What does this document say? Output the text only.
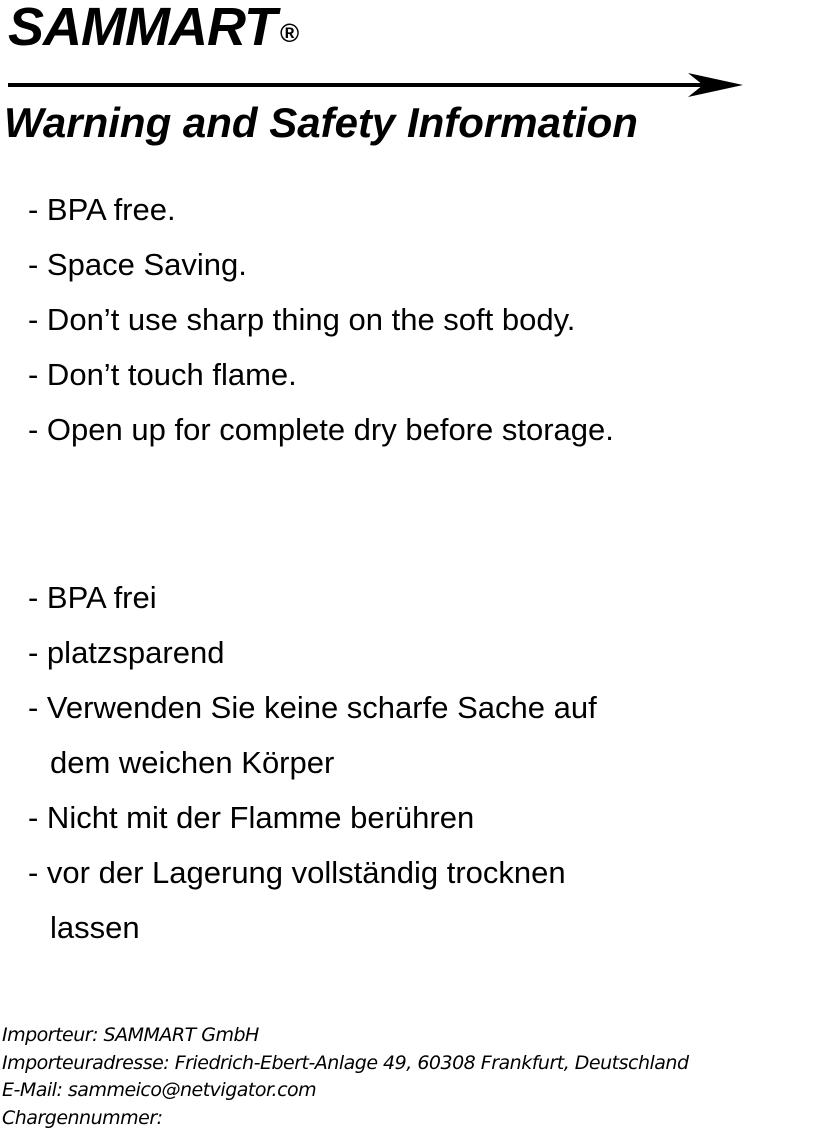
SAMMART ®
Warning and Safety Information
- BPA free.
- Space Saving.
- Don’t use sharp thing on the soft body.
- Don’t touch flame.
- Open up for complete dry before storage.
- BPA frei
- platzsparend
- Verwenden Sie keine scharfe Sache auf
dem weichen Körper
- Nicht mit der Flamme berühren
- vor der Lagerung vollständig trocknen
lassen
Importeur: SAMMART GmbH
Importeuradresse: Friedrich-Ebert-Anlage 49, 60308 Frankfurt, Deutschland
E-Mail: sammeico@netvigator.com
Chargennummer:
